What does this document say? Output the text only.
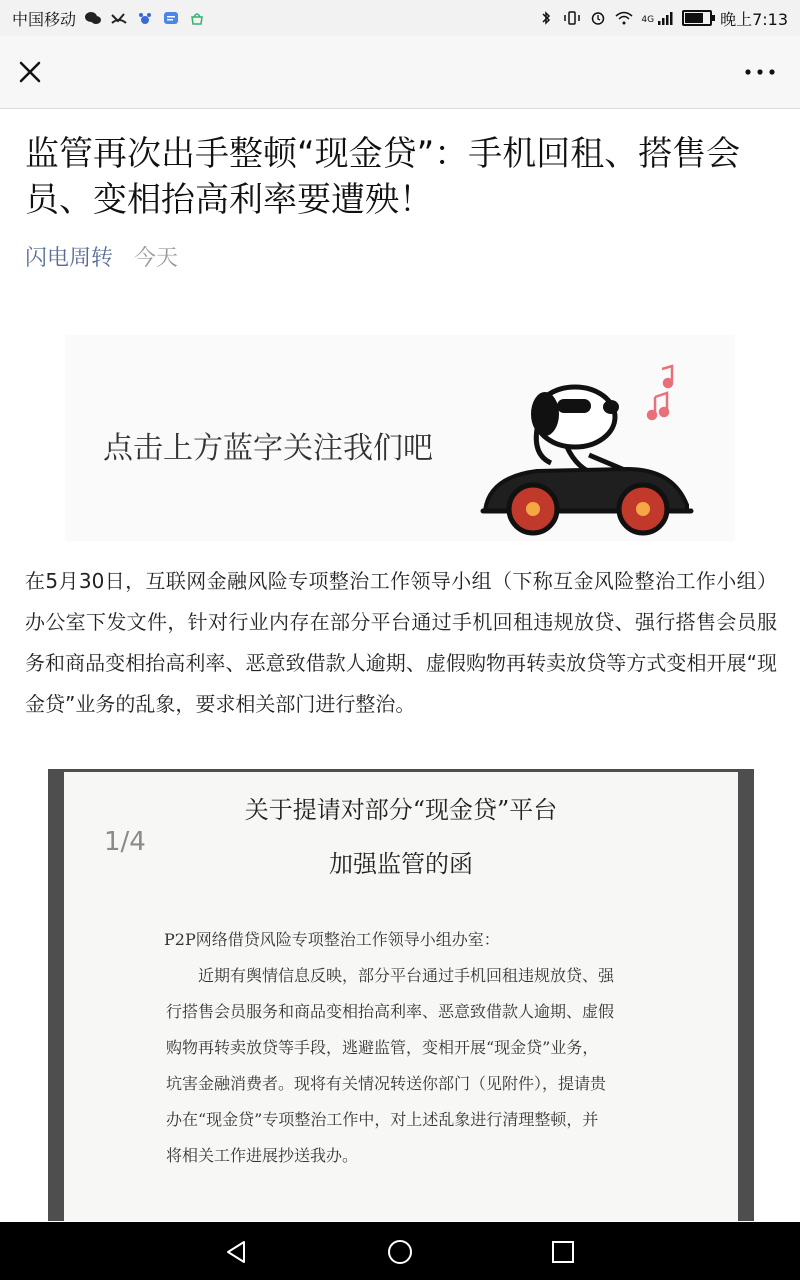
中国移动	4G	晚上7:13
监管再次出手整顿“现金贷”：手机回租、搭售会员、变相抬高利率要遭殃！
闪电周转 今天
点击上方蓝字关注我们吧
在5月30日，互联网金融风险专项整治工作领导小组（下称互金风险整治工作小组）办公室下发文件，针对行业内存在部分平台通过手机回租违规放贷、强行搭售会员服务和商品变相抬高利率、恶意致借款人逾期、虚假购物再转卖放贷等方式变相开展“现金贷”业务的乱象，要求相关部门进行整治。
1/4
关于提请对部分“现金贷”平台
加强监管的函

P2P网络借贷风险专项整治工作领导小组办室：

近期有舆情信息反映，部分平台通过手机回租违规放贷、强

行搭售会员服务和商品变相抬高利率、恶意致借款人逾期、虚假

购物再转卖放贷等手段，逃避监管，变相开展“现金贷”业务，

坑害金融消费者。现将有关情况转送你部门（见附件），提请贵

办在“现金贷”专项整治工作中，对上述乱象进行清理整顿，并

将相关工作进展抄送我办。
